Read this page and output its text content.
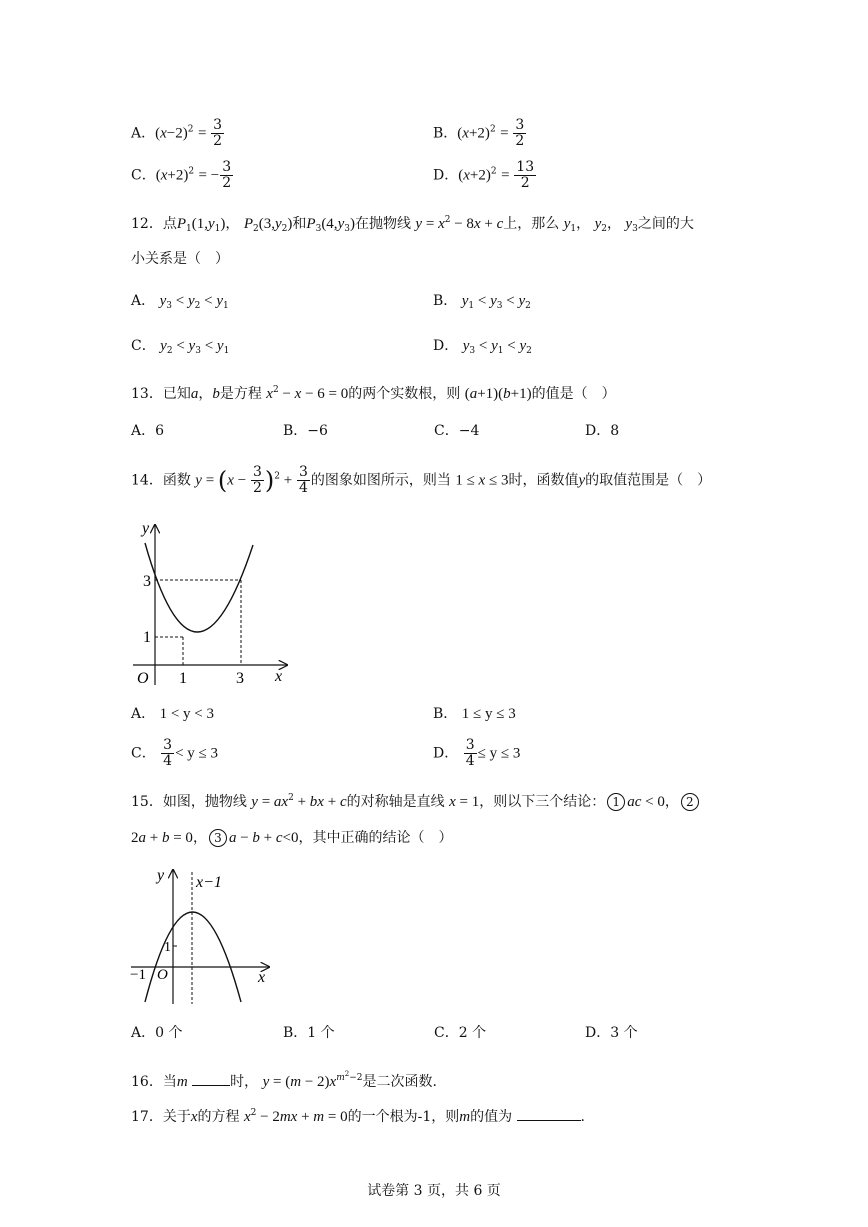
A．$(x-2)^2 = \frac{3}{2}$	B．$(x+2)^2 = \frac{3}{2}$
C．$(x+2)^2$ = − $\frac{3}{2}$	D．$(x+2)^2 = \frac{13}{2}$
12．点$P_1(1,y_1)$， $P_2(3,y_2)$和$P_3(4,y_3)$在抛物线 $y = x^2 - 8x + c$上，那么 $y_1$， $y_2$， $y_3$之间的大
小关系是（　）
A． $y_3 < y_2 < y_1$	B． $y_1 < y_3 < y_2$
C． $y_2 < y_3 < y_1$	D． $y_3 < y_1 < y_2$
13．已知a，b是方程 $x^2 - x - 6 = 0$的两个实数根，则 (a+1)(b+1)的值是（　）
A．6	B．−6	C．−4	D．8
14．函数 $y = (x - \frac{3}{2} )^2 + \frac{3}{4}$ 的图象如图所示，则当 1 ≤ x ≤ 3时，函数值y的取值范围是（　）
y
x
O 1	3
1
3
A． 1 < y < 3	B． 1 ≤ y ≤ 3
C． $\frac{3}{4} < y \le 3$	D． $\frac{3}{4} \le y \le 3$
15．如图，抛物线 $y = ax^2$ + bx + c的对称轴是直线 x = 1，则以下三个结论： 1 ac < 0， 2
2a + b = 0， 3 a − b + c<0，其中正确的结论（　）
y
x
x−1
−1 O
1
A．0 个	B．1 个	C．2 个	D．3 个
16．当m	时， $y = (m - 2)x^{m^2-2}$是二次函数.
17．关于x的方程 $x^2 - 2mx + m = 0$的一个根为-1，则m的值为	.
试卷第 3 页，共 6 页
